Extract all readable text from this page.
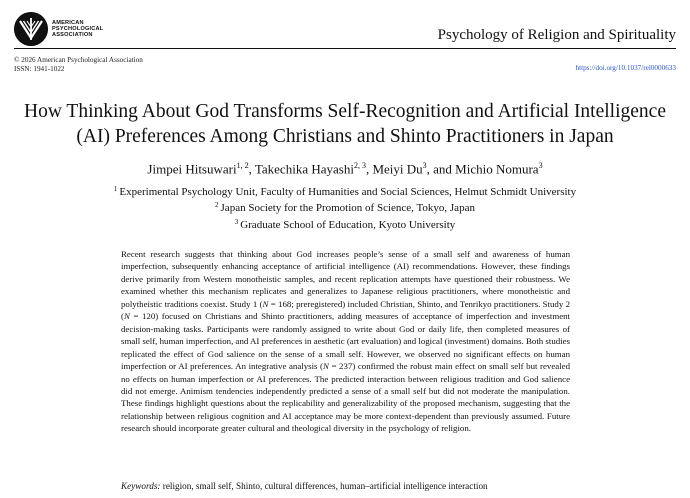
AMERICAN
PSYCHOLOGICAL
ASSOCIATION	Psychology of Religion and Spirituality
© 2026 American Psychological Association
ISSN: 1941-1022	https://doi.org/10.1037/rel0000633
How Thinking About God Transforms Self-Recognition and Artificial Intelligence
(AI) Preferences Among Christians and Shinto Practitioners in Japan
Jimpei Hitsuwari$^{1, 2}$, Takechika Hayashi$^{2, 3}$, Meiyi Du$^3$, and Michio Nomura$^3$
$^1$ Experimental Psychology Unit, Faculty of Humanities and Social Sciences, Helmut Schmidt University
$^2$ Japan Society for the Promotion of Science, Tokyo, Japan
$^3$ Graduate School of Education, Kyoto University
Recent research suggests that thinking about God increases people’s sense of a small self and awareness of human imperfection, subsequently enhancing acceptance of artificial intelligence (AI) recommendations. However, these findings derive primarily from Western monotheistic samples, and recent replication attempts have questioned their robustness. We examined whether this mechanism replicates and generalizes to Japanese religious practitioners, where monotheistic and polytheistic traditions coexist. Study 1 (N = 168; preregistered) included Christian, Shinto, and Tenrikyo practitioners. Study 2 (N = 120) focused on Christians and Shinto practitioners, adding measures of acceptance of imperfection and investment decision-making tasks. Participants were randomly assigned to write about God or daily life, then completed measures of small self, human imperfection, and AI preferences in aesthetic (art evaluation) and logical (investment) domains. Both studies replicated the effect of God salience on the sense of a small self. However, we observed no significant effects on human imperfection or AI preferences. An integrative analysis (N = 237) confirmed the robust main effect on small self but revealed no effects on human imperfection or AI preferences. The predicted interaction between religious tradition and God salience did not emerge. Animism tendencies independently predicted a sense of a small self but did not moderate the manipulation. These findings highlight questions about the replicability and generalizability of the proposed mechanism, suggesting that the relationship between religious cognition and AI acceptance may be more context-dependent than previously assumed. Future research should incorporate greater cultural and theological diversity in the psychology of religion.
Keywords: religion, small self, Shinto, cultural differences, human–artificial intelligence interaction
